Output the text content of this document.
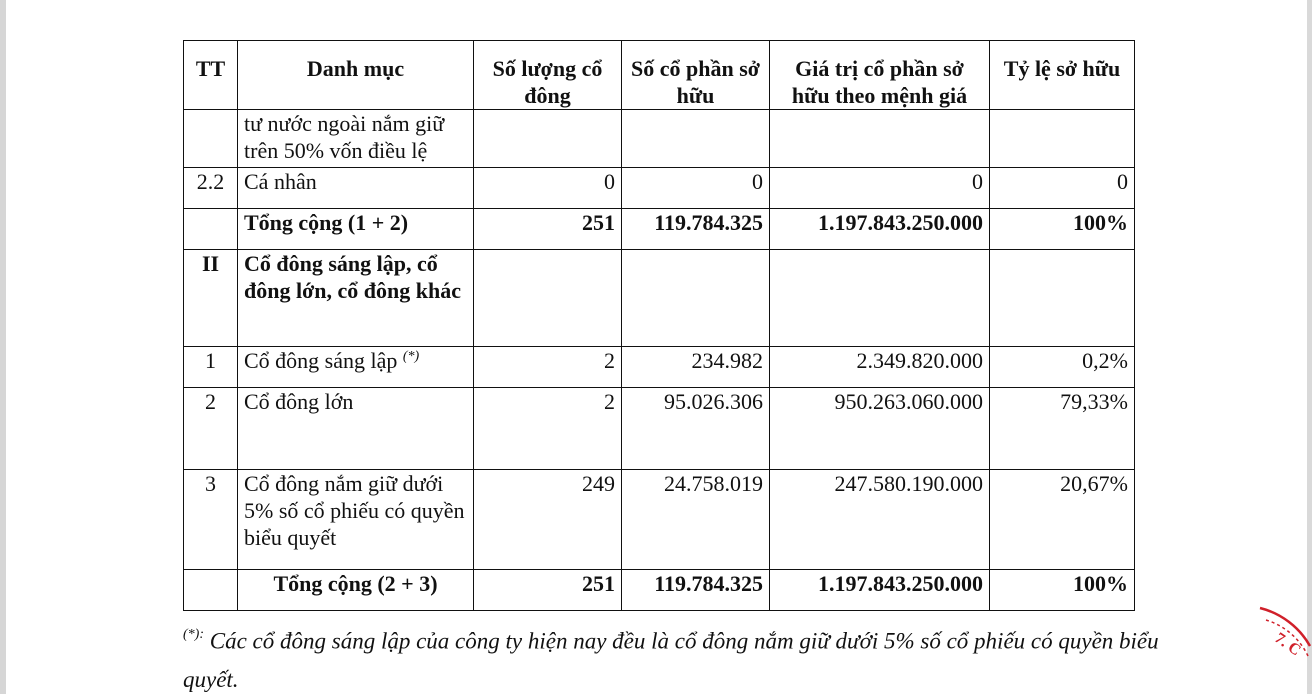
TT	Danh mục	Số lượng cổ đông	Số cổ phần sở hữu	Giá trị cổ phần sở hữu theo mệnh giá	Tỷ lệ sở hữu
	tư nước ngoài nắm giữ trên 50% vốn điều lệ				
2.2	Cá nhân	0	0	0	0
	Tổng cộng (1 + 2)	251	119.784.325	1.197.843.250.000	100%
II	Cổ đông sáng lập, cổ đông lớn, cổ đông khác				
1	Cổ đông sáng lập (*)	2	234.982	2.349.820.000	0,2%
2	Cổ đông lớn	2	95.026.306	950.263.060.000	79,33%
3	Cổ đông nắm giữ dưới 5% số cổ phiếu có quyền biểu quyết	249	24.758.019	247.580.190.000	20,67%
	Tổng cộng (2 + 3)	251	119.784.325	1.197.843.250.000	100%
(*): Các cổ đông sáng lập của công ty hiện nay đều là cổ đông nắm giữ dưới 5% số cổ phiếu có quyền biểu quyết.
7. C
